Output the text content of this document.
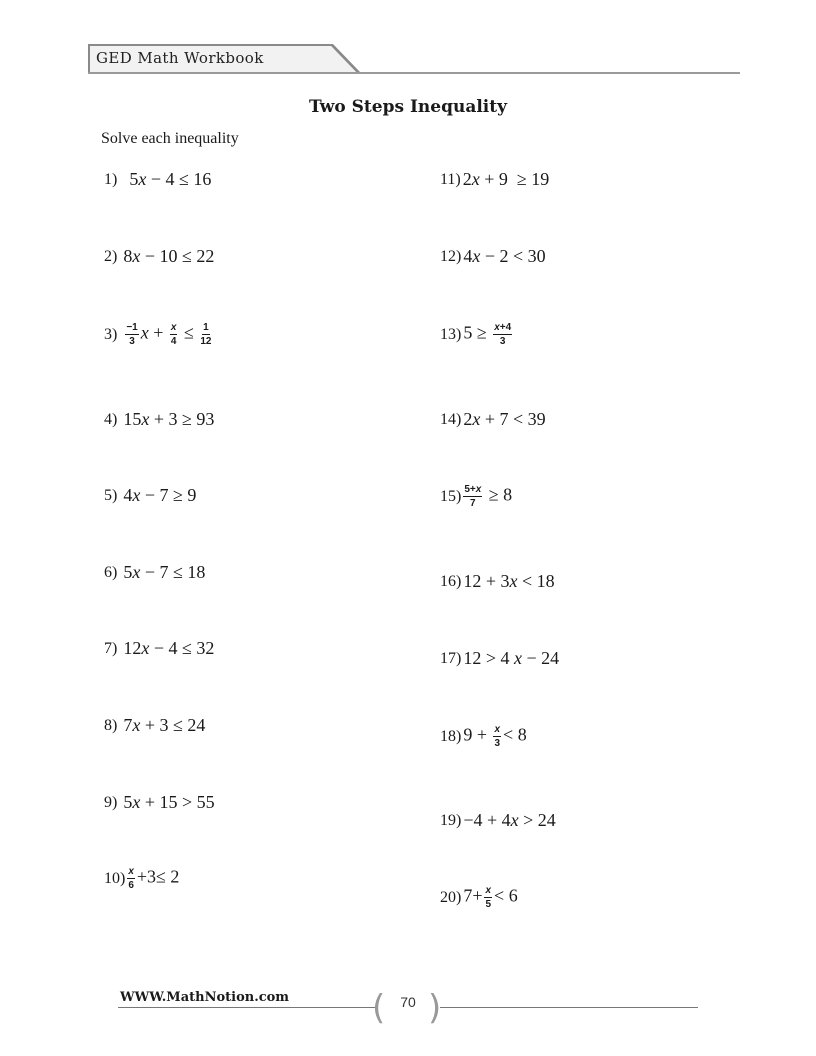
GED Math Workbook
Two Steps Inequality
Solve each inequality
1) 5x − 4 ≤ 16
2) 8x − 10 ≤ 22
$3) \frac{-1}{3}$ $x + \frac{x}{4} \le \frac{1}{12}$
4) 15x + 3 ≥ 93
5) 4x − 7 ≥ 9
6) 5x − 7 ≤ 18
7) 12x − 4 ≤ 32
8) 7x + 3 ≤ 24
9) 5x + 15 > 55
$10) \frac{x}{6} +3\le 2$
11) 2x + 9  ≥ 19
12) 4x − 2 < 30
13) $5 \ge \frac{x+4}{3}$
14) 2x + 7 < 39
$15) \frac{5+x}{7} \ge 8$
16) 12 + 3x < 18
17) 12 > 4 x − 24
18) $9 + \frac{x}{3} < 8$
19) −4 + 4x > 24
20) $7+ \frac{x}{5} < 6$
WWW.MathNotion.com ( )
70
